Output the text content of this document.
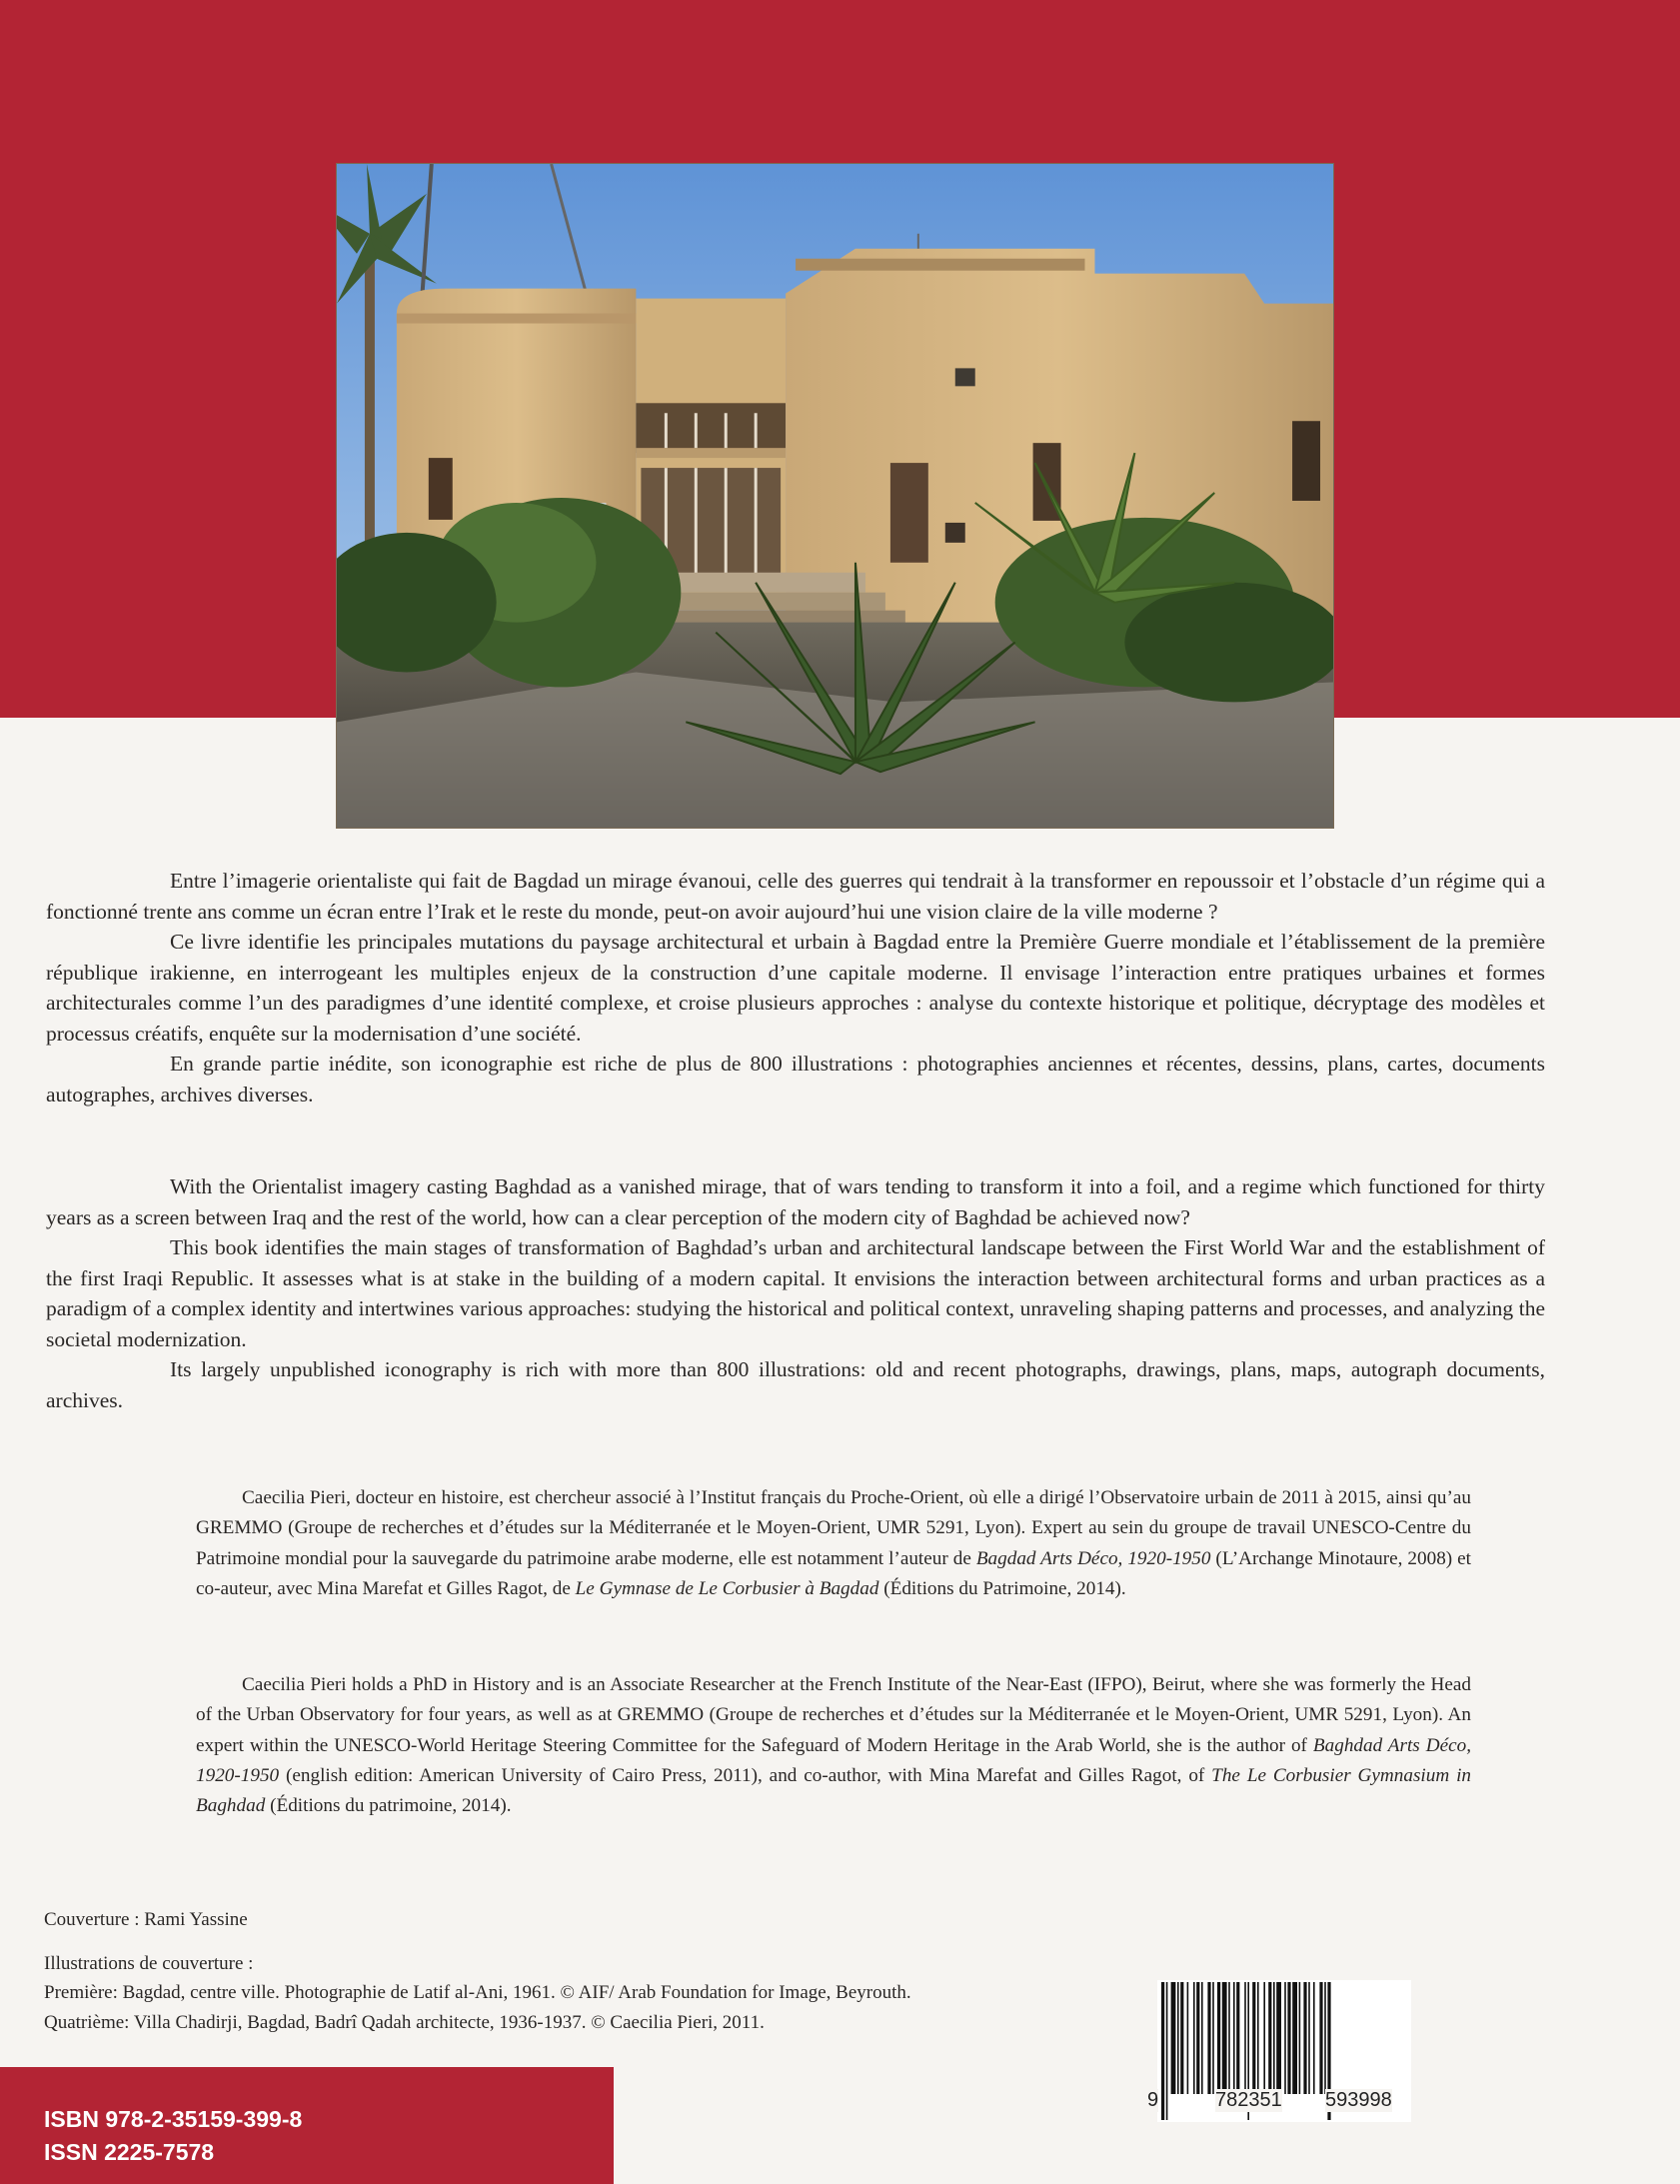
Entre l’imagerie orientaliste qui fait de Bagdad un mirage évanoui, celle des guerres qui tendrait à la transformer en repoussoir et l’obstacle d’un régime qui a fonctionné trente ans comme un écran entre l’Irak et le reste du monde, peut-on avoir aujourd’hui une vision claire de la ville moderne ?

Ce livre identifie les principales mutations du paysage architectural et urbain à Bagdad entre la Première Guerre mondiale et l’établissement de la première république irakienne, en interrogeant les multiples enjeux de la construction d’une capitale moderne. Il envisage l’interaction entre pratiques urbaines et formes architecturales comme l’un des paradigmes d’une identité complexe, et croise plusieurs approches : analyse du contexte historique et politique, décryptage des modèles et processus créatifs, enquête sur la modernisation d’une société.

En grande partie inédite, son iconographie est riche de plus de 800 illustrations : photographies anciennes et récentes, dessins, plans, cartes, documents autographes, archives diverses.

With the Orientalist imagery casting Baghdad as a vanished mirage, that of wars tending to transform it into a foil, and a regime which functioned for thirty years as a screen between Iraq and the rest of the world, how can a clear perception of the modern city of Baghdad be achieved now?

This book identifies the main stages of transformation of Baghdad’s urban and architectural landscape between the First World War and the establishment of the first Iraqi Republic. It assesses what is at stake in the building of a modern capital. It envisions the interaction between architectural forms and urban practices as a paradigm of a complex identity and intertwines various approaches: studying the historical and political context, unraveling shaping patterns and processes, and analyzing the societal modernization.

Its largely unpublished iconography is rich with more than 800 illustrations: old and recent photographs, drawings, plans, maps, autograph documents, archives.

Caecilia Pieri, docteur en histoire, est chercheur associé à l’Institut français du Proche-Orient, où elle a dirigé l’Observatoire urbain de 2011 à 2015, ainsi qu’au GREMMO (Groupe de recherches et d’études sur la Méditerranée et le Moyen-Orient, UMR 5291, Lyon). Expert au sein du groupe de travail UNESCO-Centre du Patrimoine mondial pour la sauvegarde du patrimoine arabe moderne, elle est notamment l’auteur de Bagdad Arts Déco, 1920-1950 (L’Archange Minotaure, 2008) et co-auteur, avec Mina Marefat et Gilles Ragot, de Le Gymnase de Le Corbusier à Bagdad (Éditions du Patrimoine, 2014).

Caecilia Pieri holds a PhD in History and is an Associate Researcher at the French Institute of the Near-East (IFPO), Beirut, where she was formerly the Head of the Urban Observatory for four years, as well as at GREMMO (Groupe de recherches et d’études sur la Méditerranée et le Moyen-Orient, UMR 5291, Lyon). An expert within the UNESCO-World Heritage Steering Committee for the Safeguard of Modern Heritage in the Arab World, she is the author of Baghdad Arts Déco, 1920-1950 (english edition: American University of Cairo Press, 2011), and co-author, with Mina Marefat and Gilles Ragot, of The Le Corbusier Gymnasium in Baghdad (Éditions du patrimoine, 2014).

Couverture : Rami Yassine
Illustrations de couverture :
Première: Bagdad, centre ville. Photographie de Latif al-Ani, 1961. © AIF/ Arab Foundation for Image, Beyrouth.
Quatrième: Villa Chadirji, Bagdad, Badrî Qadah architecte, 1936-1937. © Caecilia Pieri, 2011.
ISBN 978-2-35159-399-8
ISSN 2225-7578
9	782351 593998
